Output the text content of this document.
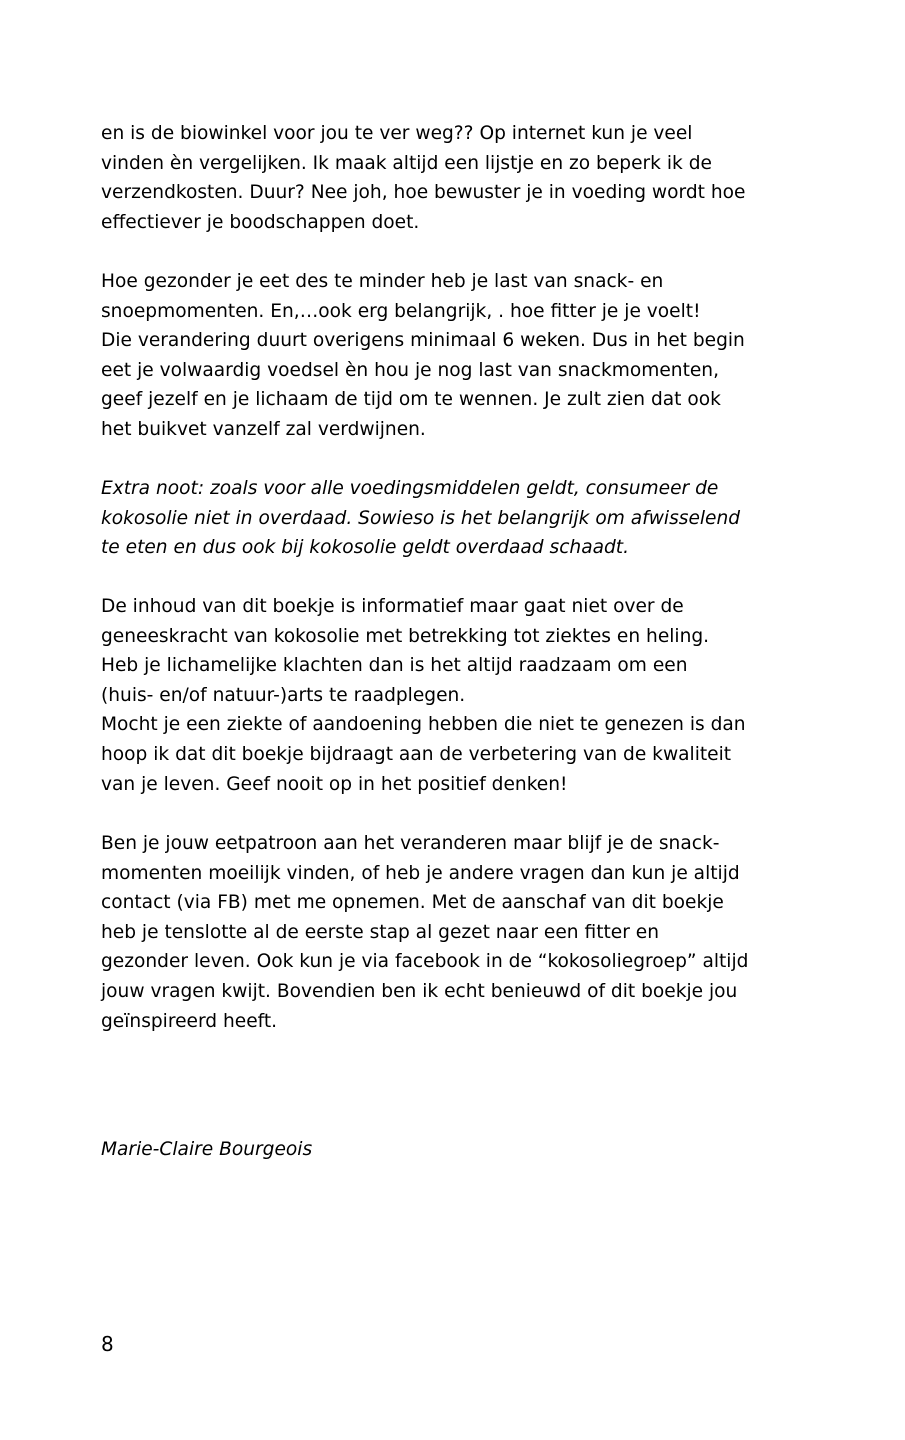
en is de biowinkel voor jou te ver weg?? Op internet kun je veel
vinden èn vergelijken. Ik maak altijd een lijstje en zo beperk ik de
verzendkosten. Duur? Nee joh, hoe bewuster je in voeding wordt hoe
effectiever je boodschappen doet.
Hoe gezonder je eet des te minder heb je last van snack- en
snoepmomenten. En,…ook erg belangrijk, . hoe fitter je je voelt!
Die verandering duurt overigens minimaal 6 weken. Dus in het begin
eet je volwaardig voedsel èn hou je nog last van snackmomenten,
geef jezelf en je lichaam de tijd om te wennen. Je zult zien dat ook
het buikvet vanzelf zal verdwijnen.
Extra noot: zoals voor alle voedingsmiddelen geldt, consumeer de
kokosolie niet in overdaad. Sowieso is het belangrijk om afwisselend
te eten en dus ook bij kokosolie geldt overdaad schaadt.
De inhoud van dit boekje is informatief maar gaat niet over de
geneeskracht van kokosolie met betrekking tot ziektes en heling.
Heb je lichamelijke klachten dan is het altijd raadzaam om een
(huis- en/of natuur-)arts te raadplegen.
Mocht je een ziekte of aandoening hebben die niet te genezen is dan
hoop ik dat dit boekje bijdraagt aan de verbetering van de kwaliteit
van je leven. Geef nooit op in het positief denken!
Ben je jouw eetpatroon aan het veranderen maar blijf je de snack-
momenten moeilijk vinden, of heb je andere vragen dan kun je altijd
contact (via FB) met me opnemen. Met de aanschaf van dit boekje
heb je tenslotte al de eerste stap al gezet naar een fitter en
gezonder leven. Ook kun je via facebook in de “kokosoliegroep” altijd
jouw vragen kwijt. Bovendien ben ik echt benieuwd of dit boekje jou
geïnspireerd heeft.
Marie-Claire Bourgeois
8
